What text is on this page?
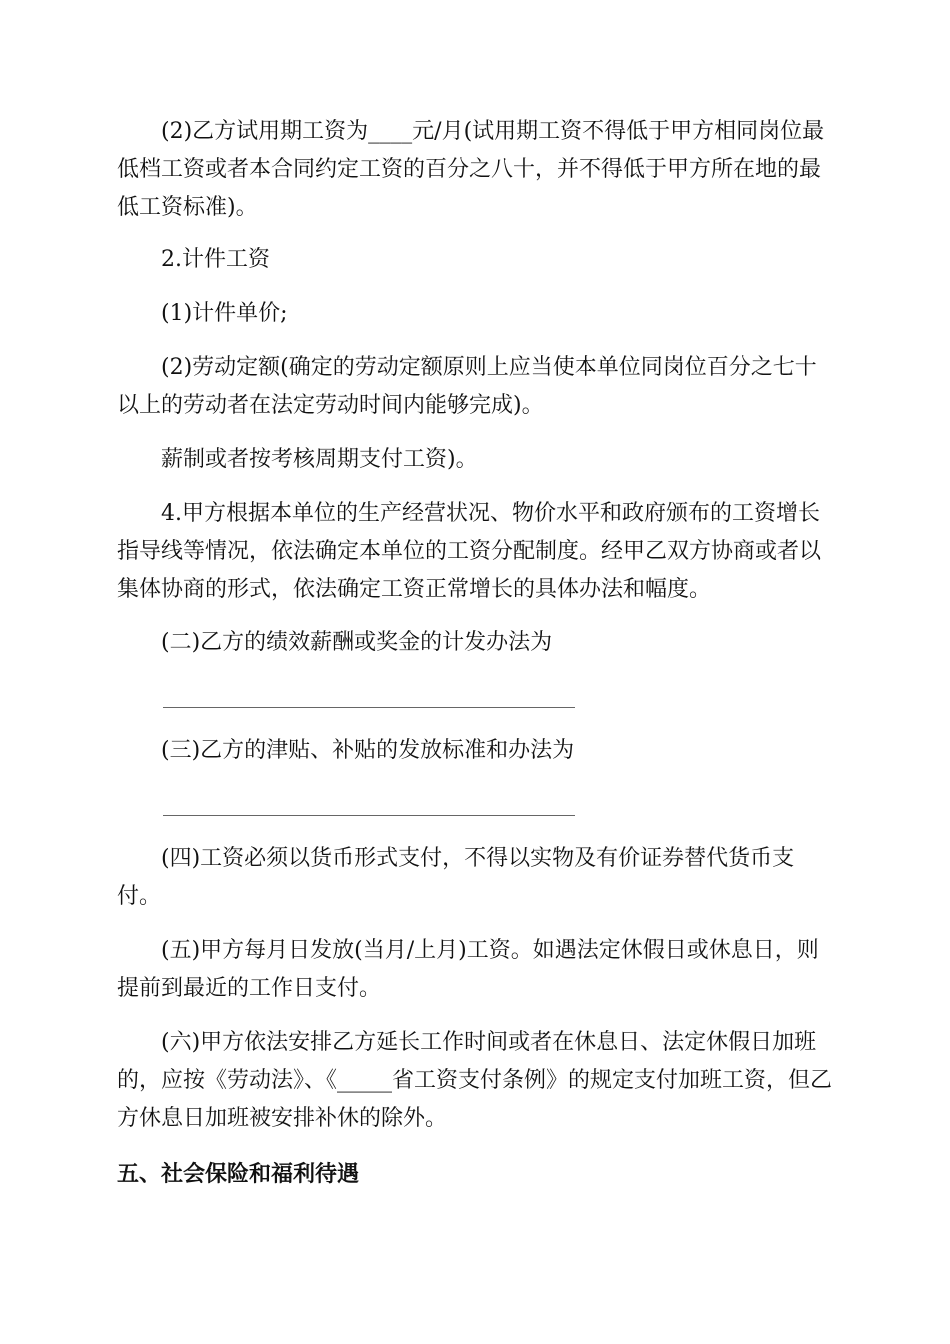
(2)乙方试用期工资为____元/月(试用期工资不得低于甲方相同岗位最低档工资或者本合同约定工资的百分之八十，并不得低于甲方所在地的最低工资标准)。

2.计件工资

(1)计件单价;

(2)劳动定额(确定的劳动定额原则上应当使本单位同岗位百分之七十以上的劳动者在法定劳动时间内能够完成)。

薪制或者按考核周期支付工资)。

4.甲方根据本单位的生产经营状况、物价水平和政府颁布的工资增长指导线等情况，依法确定本单位的工资分配制度。经甲乙双方协商或者以集体协商的形式，依法确定工资正常增长的具体办法和幅度。

(二)乙方的绩效薪酬或奖金的计发办法为

(三)乙方的津贴、补贴的发放标准和办法为

(四)工资必须以货币形式支付，不得以实物及有价证券替代货币支付。

(五)甲方每月日发放(当月/上月)工资。如遇法定休假日或休息日，则提前到最近的工作日支付。

(六)甲方依法安排乙方延长工作时间或者在休息日、法定休假日加班的，应按《劳动法》、《_____省工资支付条例》的规定支付加班工资，但乙方休息日加班被安排补休的除外。

五、社会保险和福利待遇
